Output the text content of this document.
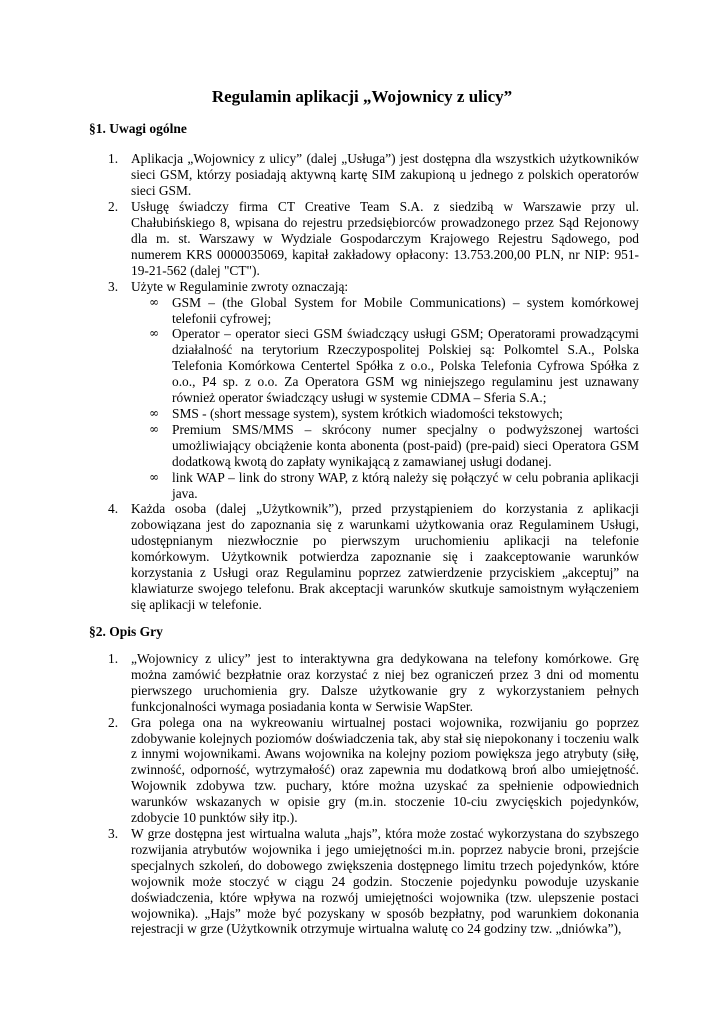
Regulamin aplikacji „Wojownicy z ulicy”
§1. Uwagi ogólne
1. Aplikacja „Wojownicy z ulicy” (dalej „Usługa”) jest dostępna dla wszystkich użytkowników sieci GSM, którzy posiadają aktywną kartę SIM zakupioną u jednego z polskich operatorów sieci GSM.
2. Usługę świadczy firma CT Creative Team S.A. z siedzibą w Warszawie przy ul. Chałubińskiego 8, wpisana do rejestru przedsiębiorców prowadzonego przez Sąd Rejonowy dla m. st. Warszawy w Wydziale Gospodarczym Krajowego Rejestru Sądowego, pod numerem KRS 0000035069, kapitał zakładowy opłacony: 13.753.200,00 PLN, nr NIP: 951-19-21-562 (dalej "CT").
3. Użyte w Regulaminie zwroty oznaczają:
∞ GSM – (the Global System for Mobile Communications) – system komórkowej telefonii cyfrowej;
∞ Operator – operator sieci GSM świadczący usługi GSM; Operatorami prowadzącymi działalność na terytorium Rzeczypospolitej Polskiej są: Polkomtel S.A., Polska Telefonia Komórkowa Centertel Spółka z o.o., Polska Telefonia Cyfrowa Spółka z o.o., P4 sp. z o.o. Za Operatora GSM wg niniejszego regulaminu jest uznawany również operator świadczący usługi w systemie CDMA – Sferia S.A.;
∞ SMS - (short message system), system krótkich wiadomości tekstowych;
∞ Premium SMS/MMS – skrócony numer specjalny o podwyższonej wartości umożliwiający obciążenie konta abonenta (post-paid) (pre-paid) sieci Operatora GSM dodatkową kwotą do zapłaty wynikającą z zamawianej usługi dodanej.
∞ link WAP – link do strony WAP, z którą należy się połączyć w celu pobrania aplikacji java.
4. Każda osoba (dalej „Użytkownik”), przed przystąpieniem do korzystania z aplikacji zobowiązana jest do zapoznania się z warunkami użytkowania oraz Regulaminem Usługi, udostępnianym niezwłocznie po pierwszym uruchomieniu aplikacji na telefonie komórkowym. Użytkownik potwierdza zapoznanie się i zaakceptowanie warunków korzystania z Usługi oraz Regulaminu poprzez zatwierdzenie przyciskiem „akceptuj” na klawiaturze swojego telefonu. Brak akceptacji warunków skutkuje samoistnym wyłączeniem się aplikacji w telefonie.
§2. Opis Gry
1. „Wojownicy z ulicy” jest to interaktywna gra dedykowana na telefony komórkowe. Grę można zamówić bezpłatnie oraz korzystać z niej bez ograniczeń przez 3 dni od momentu pierwszego uruchomienia gry. Dalsze użytkowanie gry z wykorzystaniem pełnych funkcjonalności wymaga posiadania konta w Serwisie WapSter.
2. Gra polega ona na wykreowaniu wirtualnej postaci wojownika, rozwijaniu go poprzez zdobywanie kolejnych poziomów doświadczenia tak, aby stał się niepokonany i toczeniu walk z innymi wojownikami. Awans wojownika na kolejny poziom powiększa jego atrybuty (siłę, zwinność, odporność, wytrzymałość) oraz zapewnia mu dodatkową broń albo umiejętność. Wojownik zdobywa tzw. puchary, które można uzyskać za spełnienie odpowiednich warunków wskazanych w opisie gry (m.in. stoczenie 10-ciu zwycięskich pojedynków, zdobycie 10 punktów siły itp.).
3. W grze dostępna jest wirtualna waluta „hajs”, która może zostać wykorzystana do szybszego rozwijania atrybutów wojownika i jego umiejętności m.in. poprzez nabycie broni, przejście specjalnych szkoleń, do dobowego zwiększenia dostępnego limitu trzech pojedynków, które wojownik może stoczyć w ciągu 24 godzin. Stoczenie pojedynku powoduje uzyskanie doświadczenia, które wpływa na rozwój umiejętności wojownika (tzw. ulepszenie postaci wojownika). „Hajs” może być pozyskany w sposób bezpłatny, pod warunkiem dokonania rejestracji w grze (Użytkownik otrzymuje wirtualna walutę co 24 godziny tzw. „dniówka”),
